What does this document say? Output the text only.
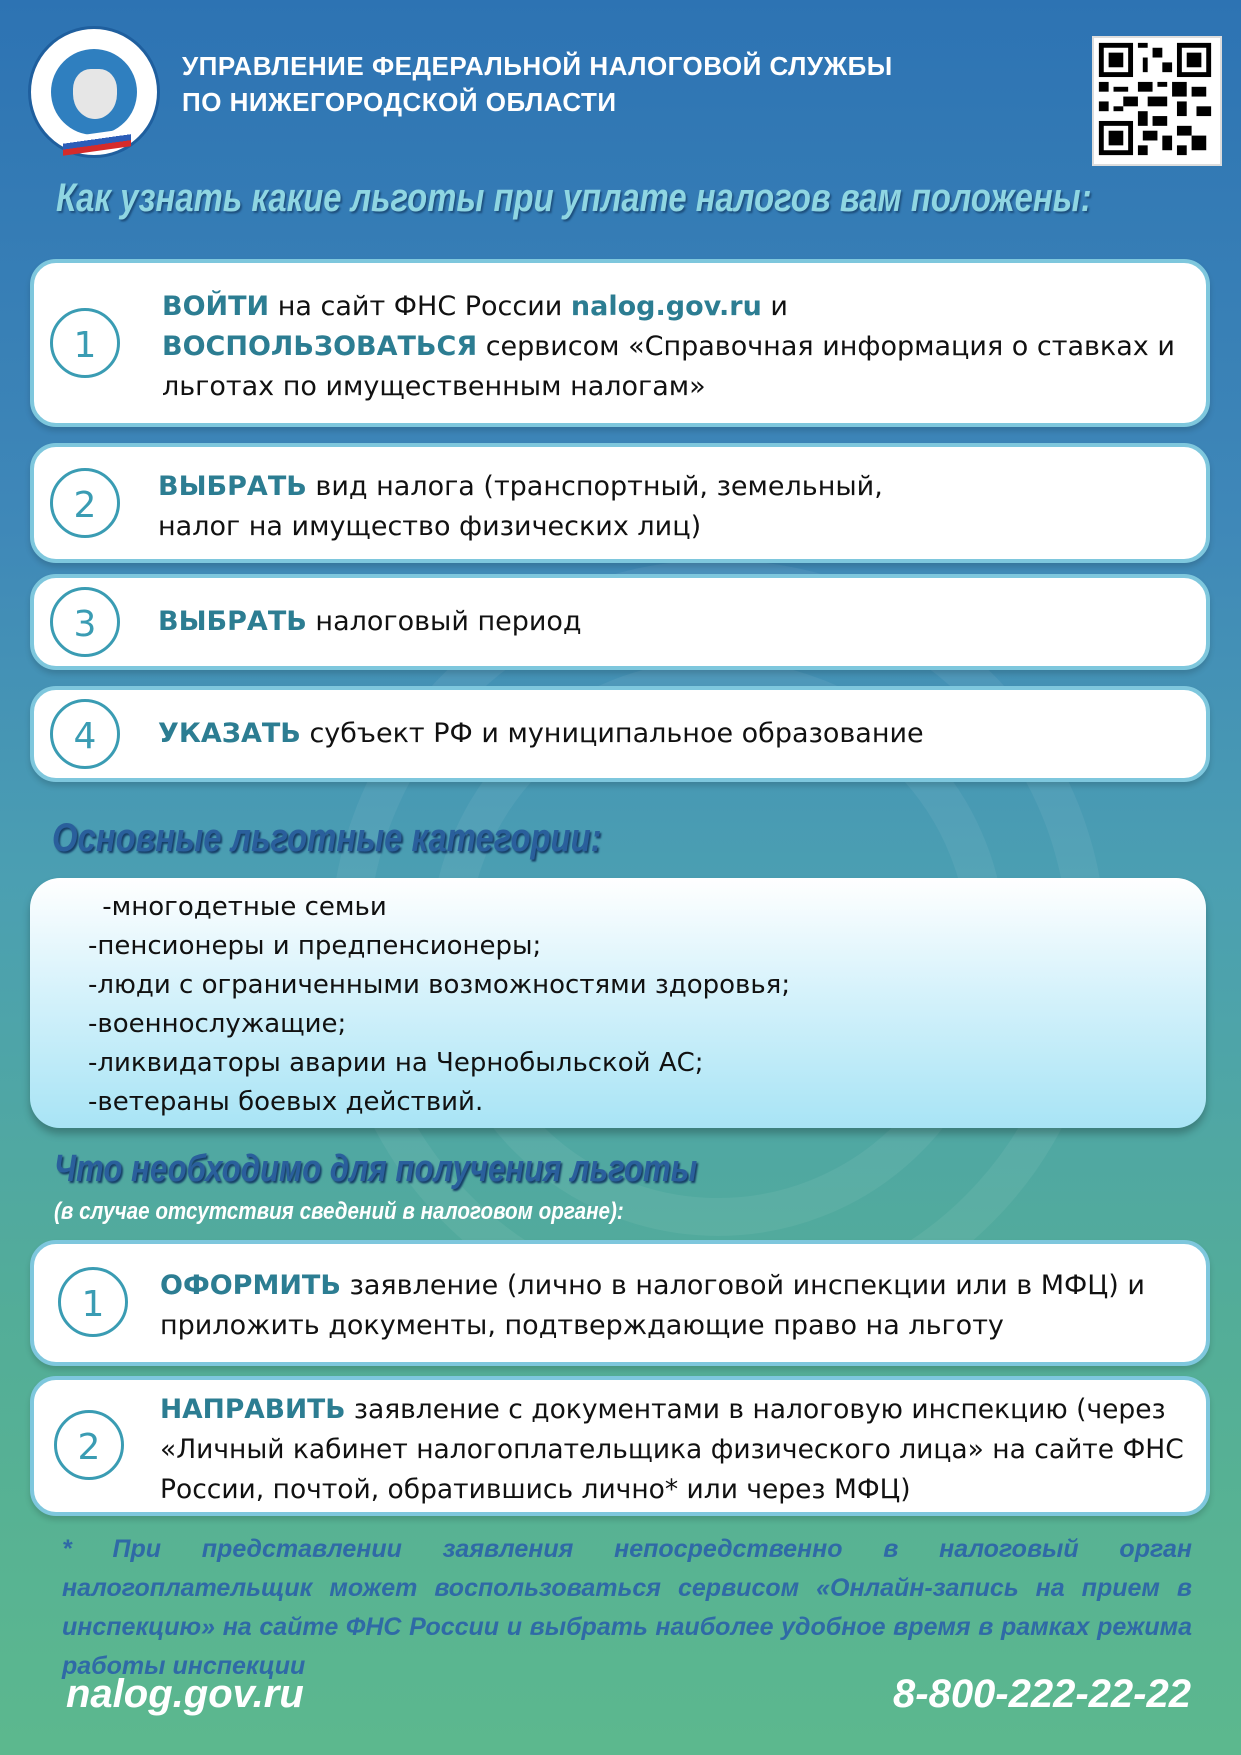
УПРАВЛЕНИЕ ФЕДЕРАЛЬНОЙ НАЛОГОВОЙ СЛУЖБЫ
ПО НИЖЕГОРОДСКОЙ ОБЛАСТИ
Как узнать какие льготы при уплате налогов вам положены:
1
ВОЙТИ на сайт ФНС России nalog.gov.ru и
ВОСПОЛЬЗОВАТЬСЯ сервисом «Справочная информация о ставках и
льготах по имущественным налогам»
2	ВЫБРАТЬ вид налога (транспортный, земельный,
налог на имущество физических лиц)
3	ВЫБРАТЬ налоговый период
4	УКАЗАТЬ субъект РФ и муниципальное образование
Основные льготные категории:
-многодетные семьи
-пенсионеры и предпенсионеры;
-люди с ограниченными возможностями здоровья;
-военнослужащие;
-ликвидаторы аварии на Чернобыльской АС;
-ветераны боевых действий.
Что необходимо для получения льготы
(в случае отсутствия сведений в налоговом органе):
1	ОФОРМИТЬ заявление (лично в налоговой инспекции или в МФЦ) и
приложить документы, подтверждающие право на льготу
2
НАПРАВИТЬ заявление с документами в налоговую инспекцию (через
«Личный кабинет налогоплательщика физического лица» на сайте ФНС
России, почтой, обратившись лично* или через МФЦ)
* При представлении заявления непосредственно в налоговый орган налогоплательщик может воспользоваться сервисом «Онлайн-запись на прием в инспекцию» на сайте ФНС России и выбрать наиболее удобное время в рамках режима работы инспекции
nalog.gov.ru	8-800-222-22-22
